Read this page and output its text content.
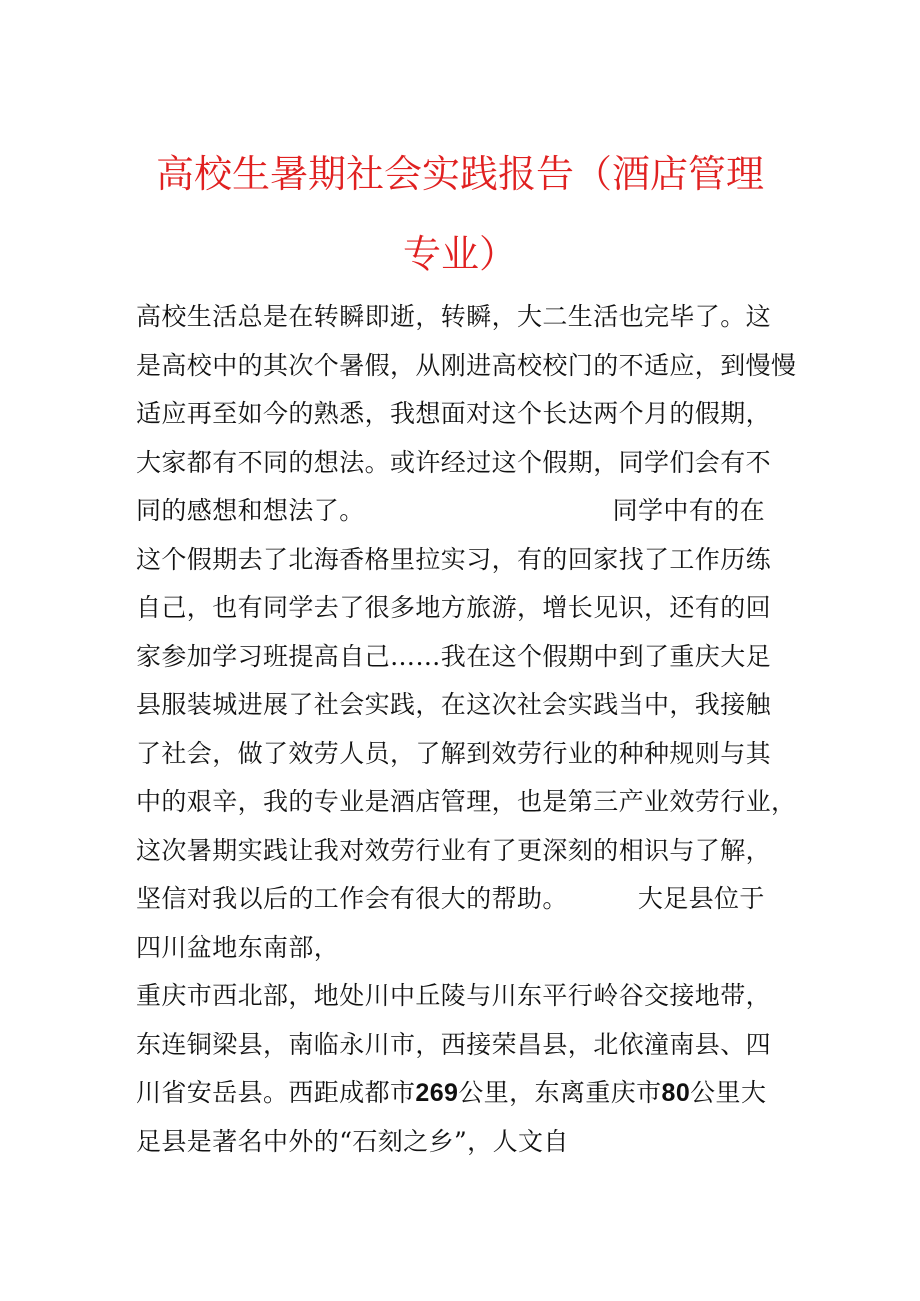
高校生暑期社会实践报告（酒店管理
专业）
高校生活总是在转瞬即逝，转瞬，大二生活也完毕了。这
是高校中的其次个暑假，从刚进高校校门的不适应，到慢慢
适应再至如今的熟悉，我想面对这个长达两个月的假期，
大家都有不同的想法。或许经过这个假期，同学们会有不
同的感想和想法了。	同学中有的在
这个假期去了北海香格里拉实习，有的回家找了工作历练
自己，也有同学去了很多地方旅游，增长见识，还有的回
家参加学习班提高自己……我在这个假期中到了重庆大足
县服装城进展了社会实践，在这次社会实践当中，我接触
了社会，做了效劳人员，了解到效劳行业的种种规则与其
中的艰辛，我的专业是酒店管理，也是第三产业效劳行业，
这次暑期实践让我对效劳行业有了更深刻的相识与了解，
坚信对我以后的工作会有很大的帮助。	大足县位于
四川盆地东南部，
重庆市西北部，地处川中丘陵与川东平行岭谷交接地带，
东连铜梁县，南临永川市，西接荣昌县，北依潼南县、四
川省安岳县。西距成都市269公里，东离重庆市80公里大
足县是著名中外的“石刻之乡”，人文自
